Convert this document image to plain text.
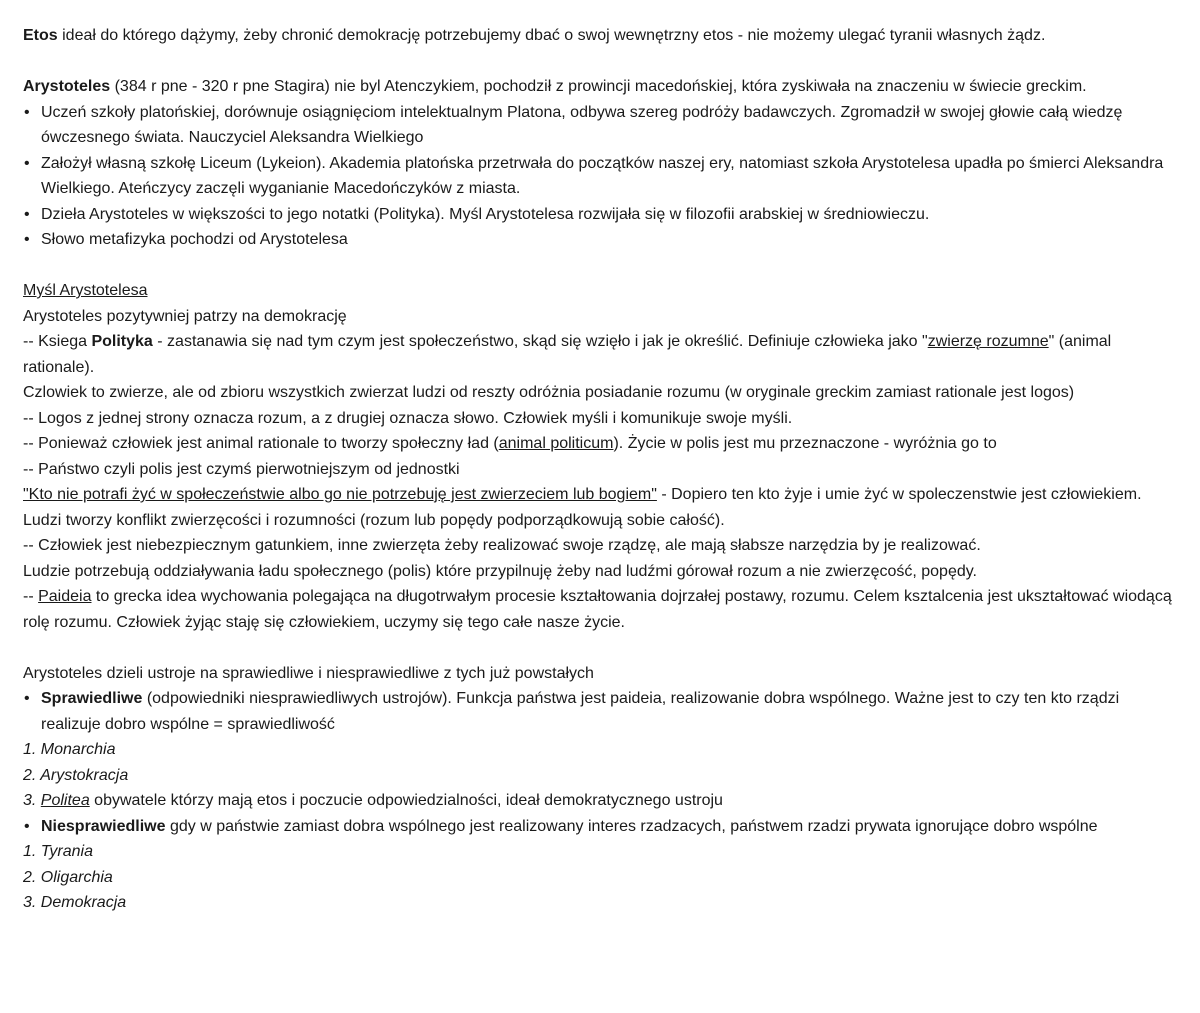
Etos ideał do którego dążymy, żeby chronić demokrację potrzebujemy dbać o swoj wewnętrzny etos - nie możemy ulegać tyranii własnych żądz.

Arystoteles (384 r pne - 320 r pne Stagira) nie byl Atenczykiem, pochodził z prowincji macedońskiej, która zyskiwała na znaczeniu w świecie greckim.

• Uczeń szkoły platońskiej, dorównuje osiągnięciom intelektualnym Platona, odbywa szereg podróży badawczych. Zgromadził w swojej głowie całą wiedzę ówczesnego świata. Nauczyciel Aleksandra Wielkiego
• Założył własną szkołę Liceum (Lykeion). Akademia platońska przetrwała do początków naszej ery, natomiast szkoła Arystotelesa upadła po śmierci Aleksandra Wielkiego. Ateńczycy zaczęli wyganianie Macedończyków z miasta.
• Dzieła Arystoteles w większości to jego notatki (Polityka). Myśl Arystotelesa rozwijała się w filozofii arabskiej w średniowieczu.
• Słowo metafizyka pochodzi od Arystotelesa

Myśl Arystotelesa

Arystoteles pozytywniej patrzy na demokrację

-- Ksiega Polityka - zastanawia się nad tym czym jest społeczeństwo, skąd się wzięło i jak je określić. Definiuje człowieka jako "zwierzę rozumne" (animal rationale).

Czlowiek to zwierze, ale od zbioru wszystkich zwierzat ludzi od reszty odróżnia posiadanie rozumu (w oryginale greckim zamiast rationale jest logos)

-- Logos z jednej strony oznacza rozum, a z drugiej oznacza słowo. Człowiek myśli i komunikuje swoje myśli.

-- Ponieważ człowiek jest animal rationale to tworzy społeczny ład (animal politicum). Życie w polis jest mu przeznaczone - wyróżnia go to

-- Państwo czyli polis jest czymś pierwotniejszym od jednostki

"Kto nie potrafi żyć w społeczeństwie albo go nie potrzebuję jest zwierzeciem lub bogiem" - Dopiero ten kto żyje i umie żyć w spoleczenstwie jest człowiekiem. Ludzi tworzy konflikt zwierzęcości i rozumności (rozum lub popędy podporządkowują sobie całość).

-- Człowiek jest niebezpiecznym gatunkiem, inne zwierzęta żeby realizować swoje rządzę, ale mają słabsze narzędzia by je realizować.

Ludzie potrzebują oddziaływania ładu społecznego (polis) które przypilnuję żeby nad ludźmi górował rozum a nie zwierzęcość, popędy.

-- Paideia to grecka idea wychowania polegająca na długotrwałym procesie kształtowania dojrzałej postawy, rozumu. Celem ksztalcenia jest ukształtować wiodącą rolę rozumu. Człowiek żyjąc staję się człowiekiem, uczymy się tego całe nasze życie.

Arystoteles dzieli ustroje na sprawiedliwe i niesprawiedliwe z tych już powstałych

• Sprawiedliwe (odpowiedniki niesprawiedliwych ustrojów). Funkcja państwa jest paideia, realizowanie dobra wspólnego. Ważne jest to czy ten kto rządzi realizuje dobro wspólne = sprawiedliwość
1. Monarchia
2. Arystokracja
3. Politea obywatele którzy mają etos i poczucie odpowiedzialności, ideał demokratycznego ustroju
• Niesprawiedliwe gdy w państwie zamiast dobra wspólnego jest realizowany interes rzadzacych, państwem rzadzi prywata ignorujące dobro wspólne
1. Tyrania
2. Oligarchia
3. Demokracja
